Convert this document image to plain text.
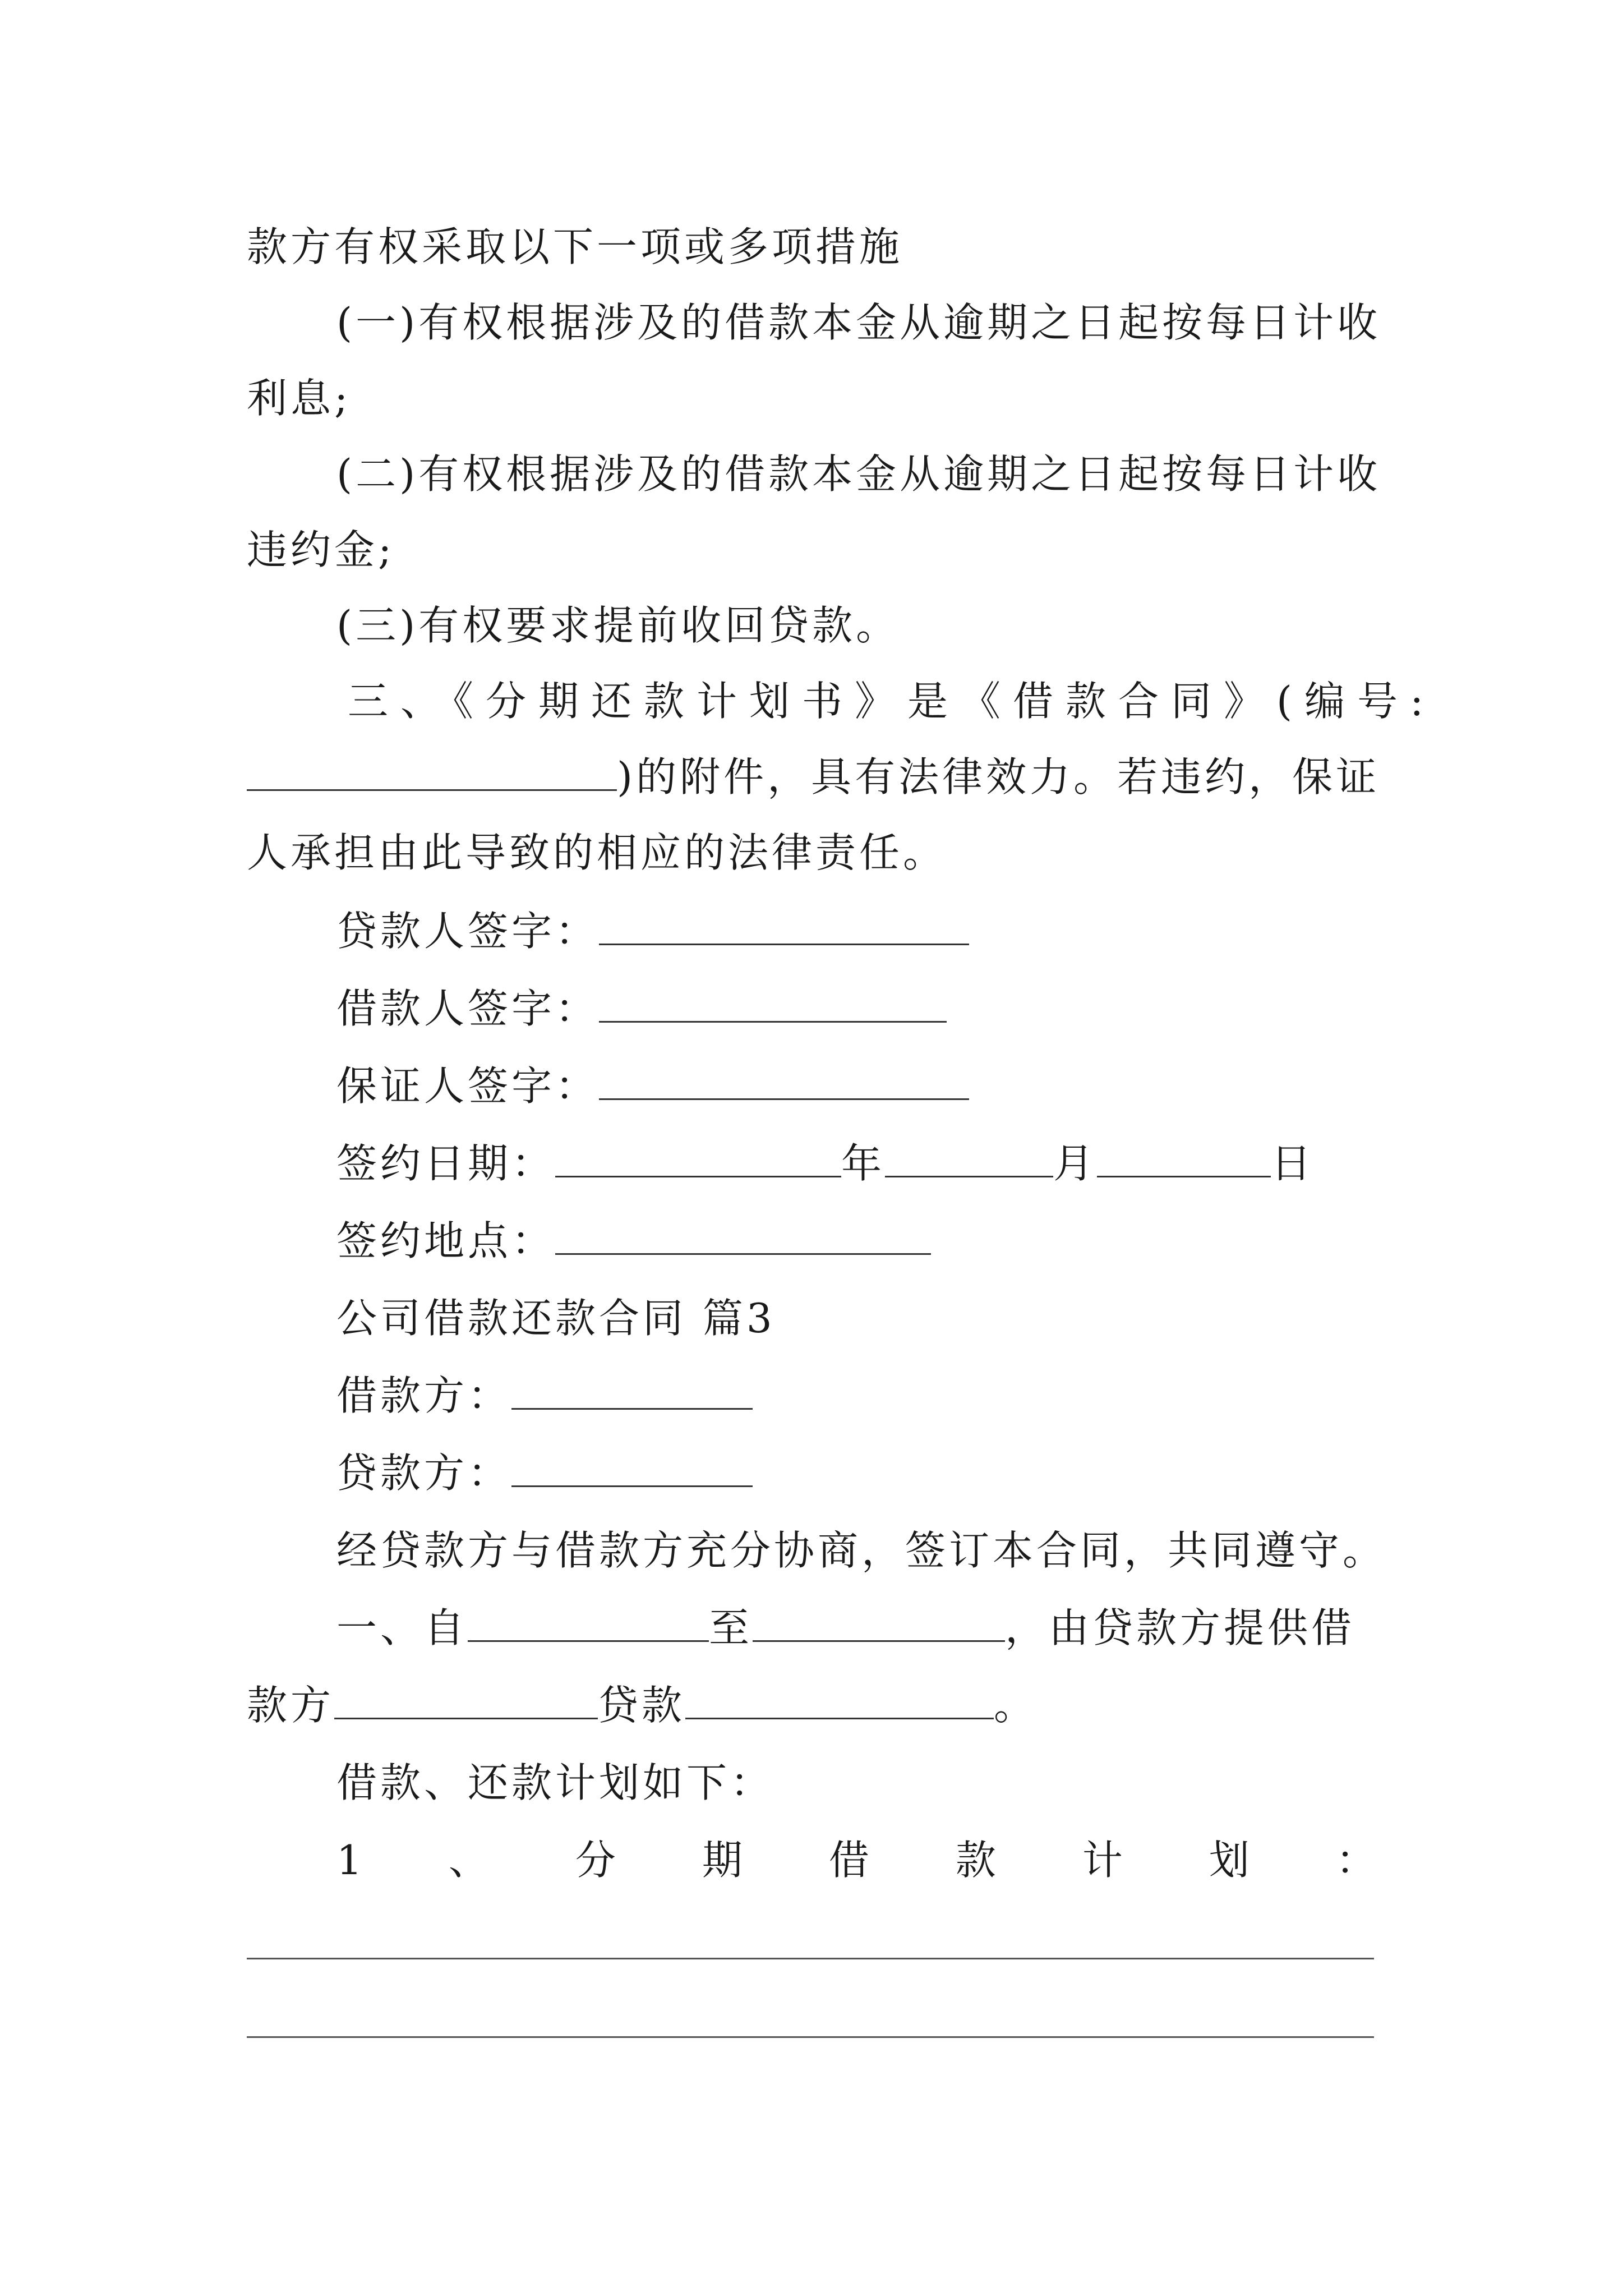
款方有权采取以下一项或多项措施
(一)有权根据涉及的借款本金从逾期之日起按每日计收
利息;
(二)有权根据涉及的借款本金从逾期之日起按每日计收
违约金;
(三)有权要求提前收回贷款。
三、《分期还款计划书》是《借款合同》(编号:
)的附件，具有法律效力。若违约，保证
人承担由此导致的相应的法律责任。
贷款人签字：
借款人签字：
保证人签字：
签约日期：	年	月	日
签约地点：
公司借款还款合同 篇3
借款方：
贷款方：
经贷款方与借款方充分协商，签订本合同，共同遵守。
一、自	至	，由贷款方提供借
款方	贷款	。
借款、还款计划如下：
1 、 分 期 借 款 计 划 ：
